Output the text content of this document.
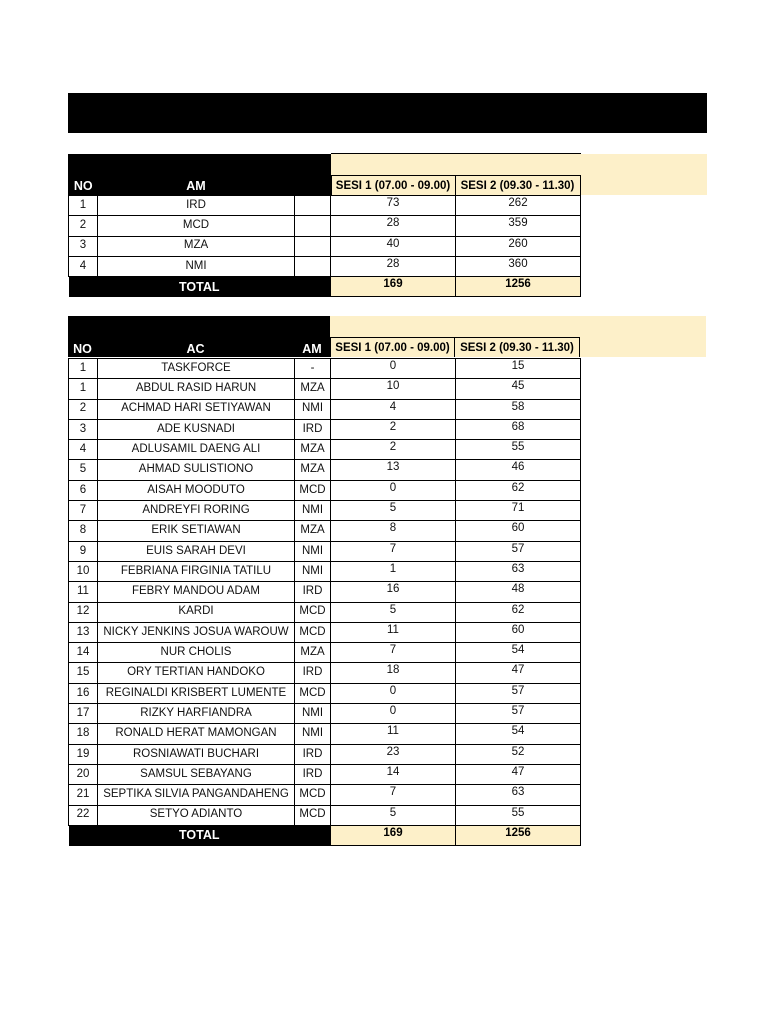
NO	AM		SESI 1 (07.00 - 09.00)	SESI 2 (09.30 - 11.30)

1	IRD		73	262
2	MCD		28	359
3	MZA		40	260
4	NMI		28	360
TOTAL			169	1256
NO	AC	AM	SESI 1 (07.00 - 09.00)	SESI 2 (09.30 - 11.30)

1	TASKFORCE	-	0	15
1	ABDUL RASID HARUN	MZA	10	45
2	ACHMAD HARI SETIYAWAN	NMI	4	58
3	ADE KUSNADI	IRD	2	68
4	ADLUSAMIL DAENG ALI	MZA	2	55
5	AHMAD SULISTIONO	MZA	13	46
6	AISAH MOODUTO	MCD	0	62
7	ANDREYFI RORING	NMI	5	71
8	ERIK SETIAWAN	MZA	8	60
9	EUIS SARAH DEVI	NMI	7	57
10	FEBRIANA FIRGINIA TATILU	NMI	1	63
11	FEBRY MANDOU ADAM	IRD	16	48
12	KARDI	MCD	5	62
13	NICKY JENKINS JOSUA WAROUW	MCD	11	60
14	NUR CHOLIS	MZA	7	54
15	ORY TERTIAN HANDOKO	IRD	18	47
16	REGINALDI KRISBERT LUMENTE	MCD	0	57
17	RIZKY HARFIANDRA	NMI	0	57
18	RONALD HERAT MAMONGAN	NMI	11	54
19	ROSNIAWATI BUCHARI	IRD	23	52
20	SAMSUL SEBAYANG	IRD	14	47
21	SEPTIKA SILVIA PANGANDAHENG	MCD	7	63
22	SETYO ADIANTO	MCD	5	55
TOTAL			169	1256
